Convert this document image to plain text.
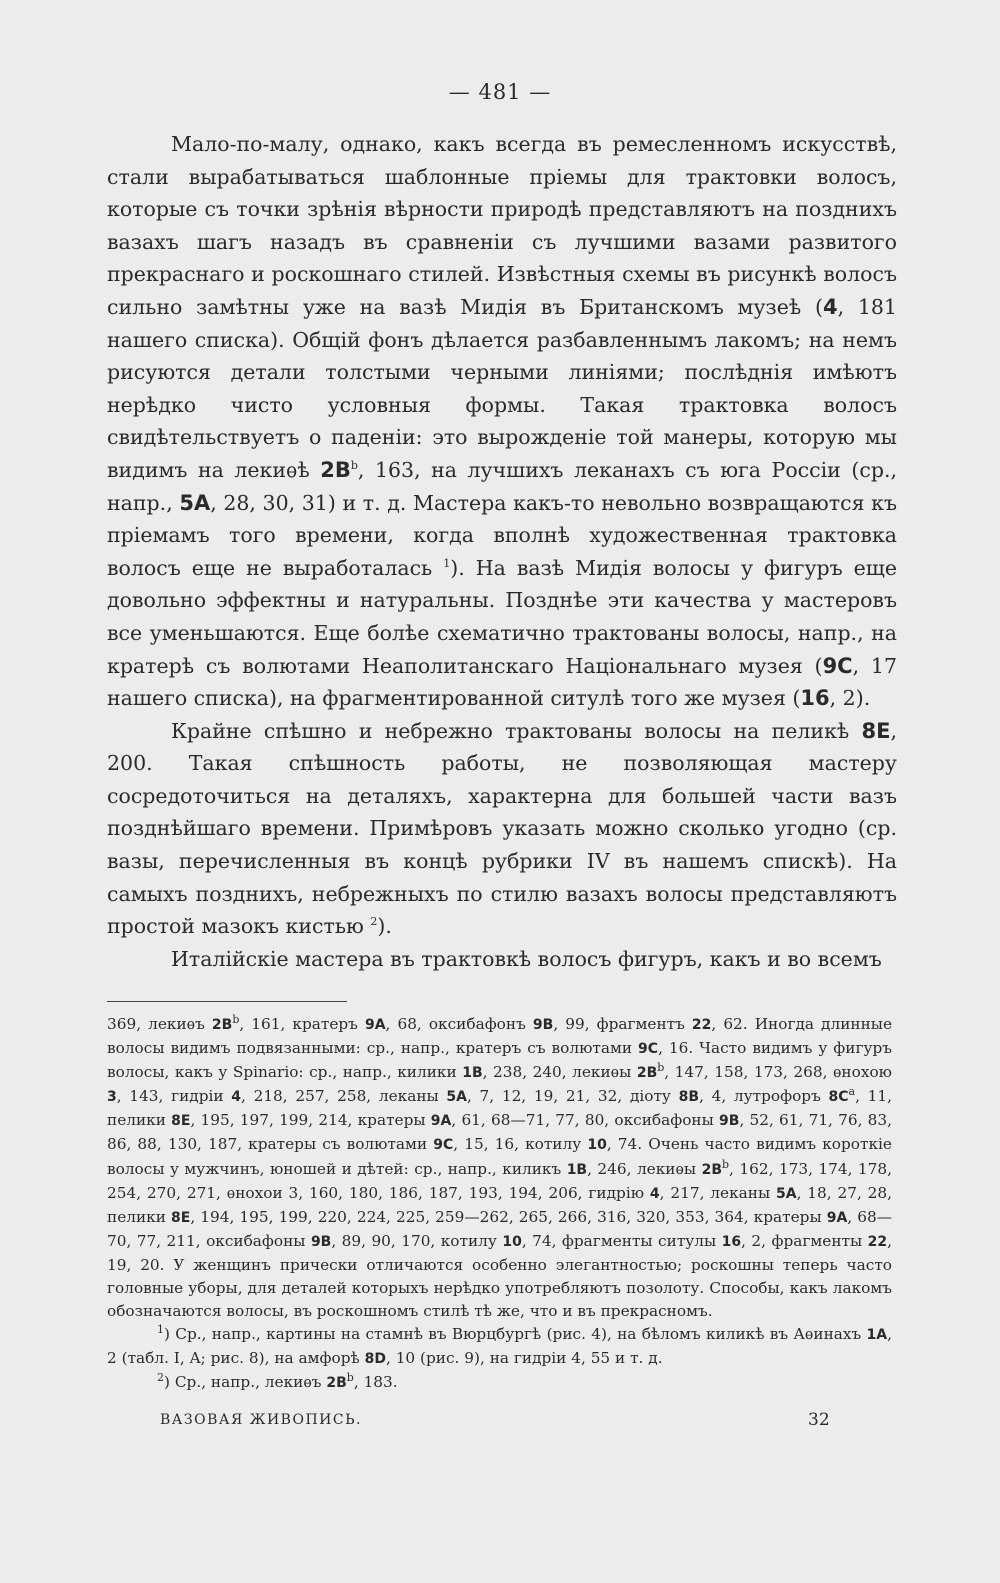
— 481 —

Мало-по-малу, однако, какъ всегда въ ремесленномъ искусствѣ, стали вырабатываться шаблонные пріемы для трактовки волосъ, которые съ точки зрѣнія вѣрности природѣ представляютъ на позднихъ вазахъ шагъ назадъ въ сравненіи съ лучшими вазами развитого прекраснаго и роскошнаго стилей. Извѣстныя схемы въ рисункѣ волосъ сильно замѣтны уже на вазѣ Мидія въ Британскомъ музеѣ (4, 181 нашего списка). Общій фонъ дѣлается разбавленнымъ лакомъ; на немъ рисуются детали толстыми черными линіями; послѣднія имѣютъ нерѣдко чисто условныя формы. Такая трактовка волосъ свидѣтельствуетъ о паденіи: это вырожденіе той манеры, которую мы видимъ на лекиѳѣ $2B^b$, 163, на лучшихъ леканахъ съ юга Россіи (ср., напр., 5A, 28, 30, 31) и т. д. Мастера какъ-то невольно возвращаются къ пріемамъ того времени, когда вполнѣ художественная трактовка волосъ еще не выработалась $^1$). На вазѣ Мидія волосы у фигуръ еще довольно эффектны и натуральны. Позднѣе эти качества у мастеровъ все уменьшаются. Еще болѣе схематично трактованы волосы, напр., на кратерѣ съ волютами Неаполитанскаго Національнаго музея (9C, 17 нашего списка), на фрагментированной ситулѣ того же музея (16, 2).

Крайне спѣшно и небрежно трактованы волосы на пеликѣ 8E, 200. Такая спѣшность работы, не позволяющая мастеру сосредоточиться на деталяхъ, характерна для большей части вазъ позднѣйшаго времени. Примѣровъ указать можно сколько угодно (ср. вазы, перечисленныя въ концѣ рубрики IV въ нашемъ спискѣ). На самыхъ позднихъ, небрежныхъ по стилю вазахъ волосы представляютъ простой мазокъ кистью $^2$).

Италійскіе мастера въ трактовкѣ волосъ фигуръ, какъ и во всемъ

369, лекиѳъ $2B^b$, 161, кратеръ 9A, 68, оксибафонъ 9B, 99, фрагментъ 22, 62. Иногда длинные волосы видимъ подвязанными: ср., напр., кратеръ съ волютами 9C, 16. Часто видимъ у фигуръ волосы, какъ у Spinario: ср., напр., килики 1B, 238, 240, лекиѳы $2B^b$, 147, 158, 173, 268, ѳнохою 3, 143, гидріи 4, 218, 257, 258, леканы 5A, 7, 12, 19, 21, 32, діоту 8B, 4, лутрофоръ $8C^a$, 11, пелики 8E, 195, 197, 199, 214, кратеры 9A, 61, 68—71, 77, 80, оксибафоны 9B, 52, 61, 71, 76, 83, 86, 88, 130, 187, кратеры съ волютами 9C, 15, 16, котилу 10, 74. Очень часто видимъ короткіе волосы у мужчинъ, юношей и дѣтей: ср., напр., киликъ 1B, 246, лекиѳы $2B^b$, 162, 173, 174, 178, 254, 270, 271, ѳнохои 3, 160, 180, 186, 187, 193, 194, 206, гидрію 4, 217, леканы 5A, 18, 27, 28, пелики 8E, 194, 195, 199, 220, 224, 225, 259—262, 265, 266, 316, 320, 353, 364, кратеры 9A, 68—70, 77, 211, оксибафоны 9B, 89, 90, 170, котилу 10, 74, фрагменты ситулы 16, 2, фрагменты 22, 19, 20. У женщинъ прически отличаются особенно элегантностью; роскошны теперь часто головные уборы, для деталей которыхъ нерѣдко употребляютъ позолоту. Способы, какъ лакомъ обозначаются волосы, въ роскошномъ стилѣ тѣ же, что и въ прекрасномъ.

$^1$) Ср., напр., картины на стамнѣ въ Вюрцбургѣ (рис. 4), на бѣломъ киликѣ въ Аѳинахъ 1A, 2 (табл. I, A; рис. 8), на амфорѣ 8D, 10 (рис. 9), на гидріи 4, 55 и т. д.

$^2$) Ср., напр., лекиѳъ $2B^b$, 183.

ВАЗОВАЯ ЖИВОПИСЬ.	32
